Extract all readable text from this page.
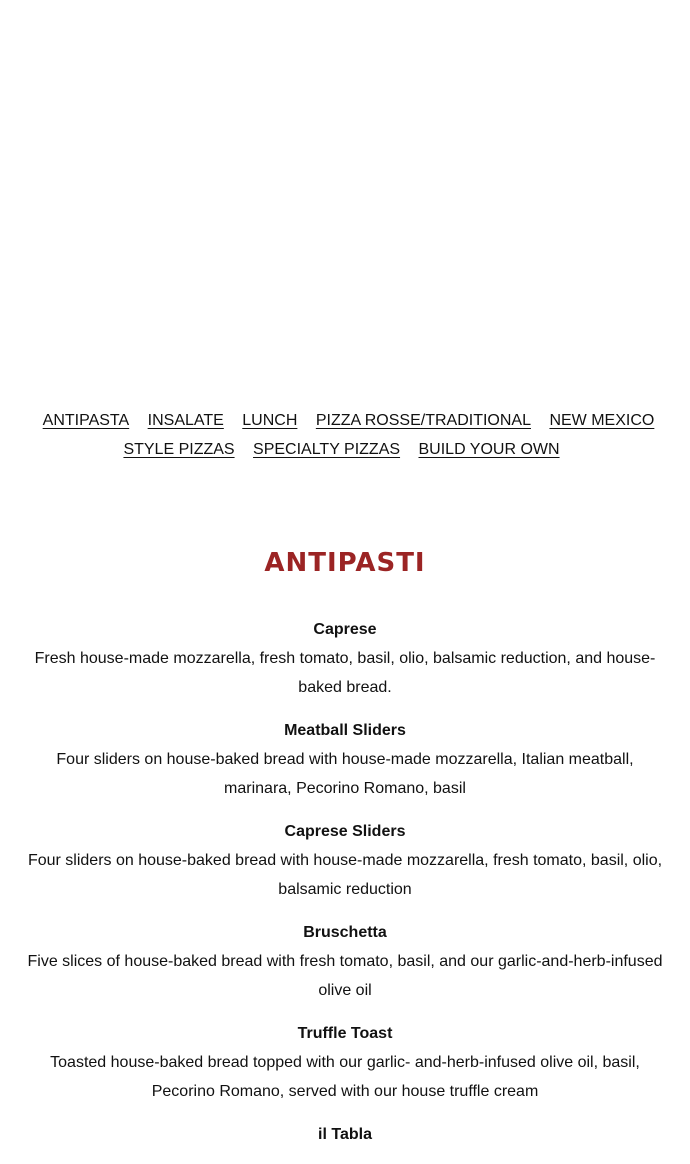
ANTIPASTA INSALATE LUNCH PIZZA ROSSE/TRADITIONAL NEW MEXICO STYLE PIZZAS SPECIALTY PIZZAS BUILD YOUR OWN
ANTIPASTI

Caprese

Fresh house-made mozzarella, fresh tomato, basil, olio, balsamic reduction, and house-baked bread.

Meatball Sliders

Four sliders on house-baked bread with house-made mozzarella, Italian meatball, marinara, Pecorino Romano, basil

Caprese Sliders

Four sliders on house-baked bread with house-made mozzarella, fresh tomato, basil, olio, balsamic reduction

Bruschetta

Five slices of house-baked bread with fresh tomato, basil, and our garlic-and-herb-infused olive oil

Truffle Toast

Toasted house-baked bread topped with our garlic- and-herb-infused olive oil, basil, Pecorino Romano, served with our house truffle cream

il Tabla
